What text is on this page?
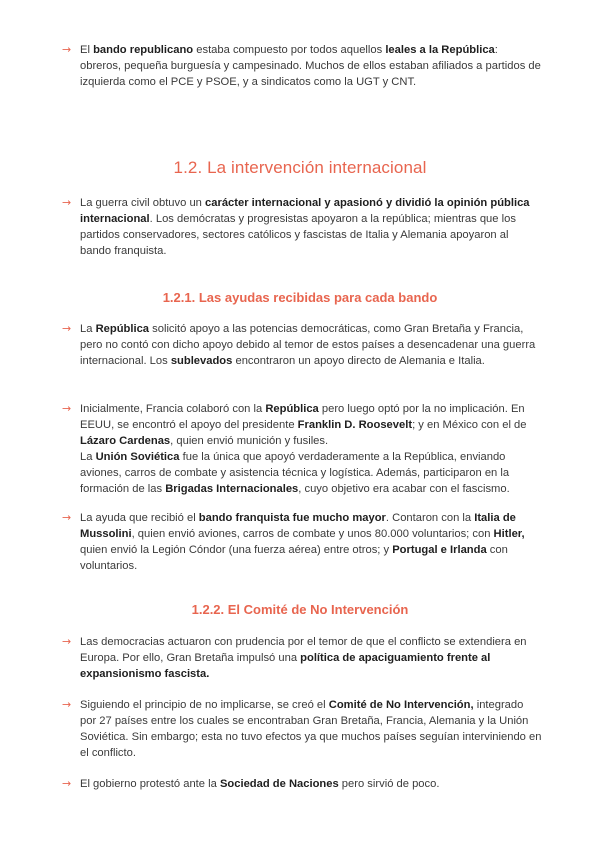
→ El bando republicano estaba compuesto por todos aquellos leales a la República: obreros, pequeña burguesía y campesinado. Muchos de ellos estaban afiliados a partidos de izquierda como el PCE y PSOE, y a sindicatos como la UGT y CNT.
1.2. La intervención internacional
→ La guerra civil obtuvo un carácter internacional y apasionó y dividió la opinión pública internacional. Los demócratas y progresistas apoyaron a la república; mientras que los partidos conservadores, sectores católicos y fascistas de Italia y Alemania apoyaron al bando franquista.
1.2.1. Las ayudas recibidas para cada bando
→ La República solicitó apoyo a las potencias democráticas, como Gran Bretaña y Francia, pero no contó con dicho apoyo debido al temor de estos países a desencadenar una guerra internacional. Los sublevados encontraron un apoyo directo de Alemania e Italia.
→ Inicialmente, Francia colaboró con la República pero luego optó por la no implicación. En EEUU, se encontró el apoyo del presidente Franklin D. Roosevelt; y en México con el de Lázaro Cardenas, quien envió munición y fusiles.
La Unión Soviética fue la única que apoyó verdaderamente a la República, enviando aviones, carros de combate y asistencia técnica y logística. Además, participaron en la formación de las Brigadas Internacionales, cuyo objetivo era acabar con el fascismo.
→ La ayuda que recibió el bando franquista fue mucho mayor. Contaron con la Italia de Mussolini, quien envió aviones, carros de combate y unos 80.000 voluntarios; con Hitler, quien envió la Legión Cóndor (una fuerza aérea) entre otros; y Portugal e Irlanda con voluntarios.
1.2.2. El Comité de No Intervención
→ Las democracias actuaron con prudencia por el temor de que el conflicto se extendiera en Europa. Por ello, Gran Bretaña impulsó una política de apaciguamiento frente al expansionismo fascista.
→ Siguiendo el principio de no implicarse, se creó el Comité de No Intervención, integrado por 27 países entre los cuales se encontraban Gran Bretaña, Francia, Alemania y la Unión Soviética. Sin embargo; esta no tuvo efectos ya que muchos países seguían interviniendo en el conflicto.
→ El gobierno protestó ante la Sociedad de Naciones pero sirvió de poco.
